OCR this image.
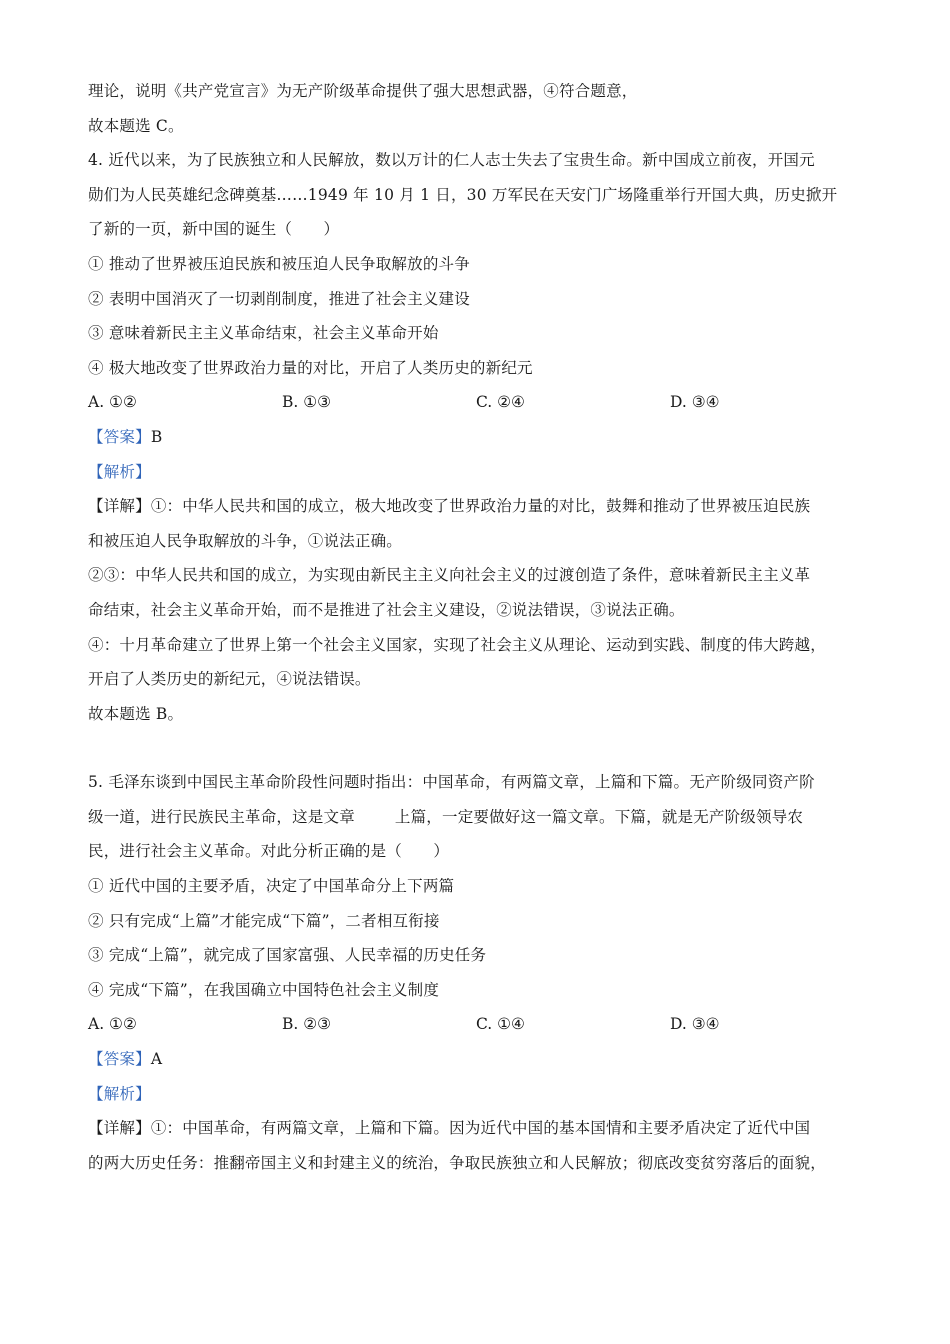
理论，说明《共产党宣言》为无产阶级革命提供了强大思想武器，④符合题意，
故本题选 C。
4. 近代以来，为了民族独立和人民解放，数以万计的仁人志士失去了宝贵生命。新中国成立前夜，开国元
勋们为人民英雄纪念碑奠基……1949 年 10 月 1 日，30 万军民在天安门广场隆重举行开国大典，历史掀开
了新的一页，新中国的诞生（　　）
① 推动了世界被压迫民族和被压迫人民争取解放的斗争
② 表明中国消灭了一切剥削制度，推进了社会主义建设
③ 意味着新民主主义革命结束，社会主义革命开始
④ 极大地改变了世界政治力量的对比，开启了人类历史的新纪元
A. ①②	B. ①③	C. ②④	D. ③④
【答案】B
【解析】
【详解】①：中华人民共和国的成立，极大地改变了世界政治力量的对比，鼓舞和推动了世界被压迫民族
和被压迫人民争取解放的斗争，①说法正确。
②③：中华人民共和国的成立，为实现由新民主主义向社会主义的过渡创造了条件，意味着新民主主义革
命结束，社会主义革命开始，而不是推进了社会主义建设，②说法错误，③说法正确。
④：十月革命建立了世界上第一个社会主义国家，实现了社会主义从理论、运动到实践、制度的伟大跨越，
开启了人类历史的新纪元，④说法错误。
故本题选 B。
5. 毛泽东谈到中国民主革命阶段性问题时指出：中国革命，有两篇文章，上篇和下篇。无产阶级同资产阶
级一道，进行民族民主革命，这是文章	上篇，一定要做好这一篇文章。下篇，就是无产阶级领导农
民，进行社会主义革命。对此分析正确的是（　　）
① 近代中国的主要矛盾，决定了中国革命分上下两篇
② 只有完成“上篇”才能完成“下篇”，二者相互衔接
③ 完成“上篇”，就完成了国家富强、人民幸福的历史任务
④ 完成“下篇”，在我国确立中国特色社会主义制度
A. ①②	B. ②③	C. ①④	D. ③④
【答案】A
【解析】
【详解】①：中国革命，有两篇文章，上篇和下篇。因为近代中国的基本国情和主要矛盾决定了近代中国
的两大历史任务：推翻帝国主义和封建主义的统治，争取民族独立和人民解放；彻底改变贫穷落后的面貌，
